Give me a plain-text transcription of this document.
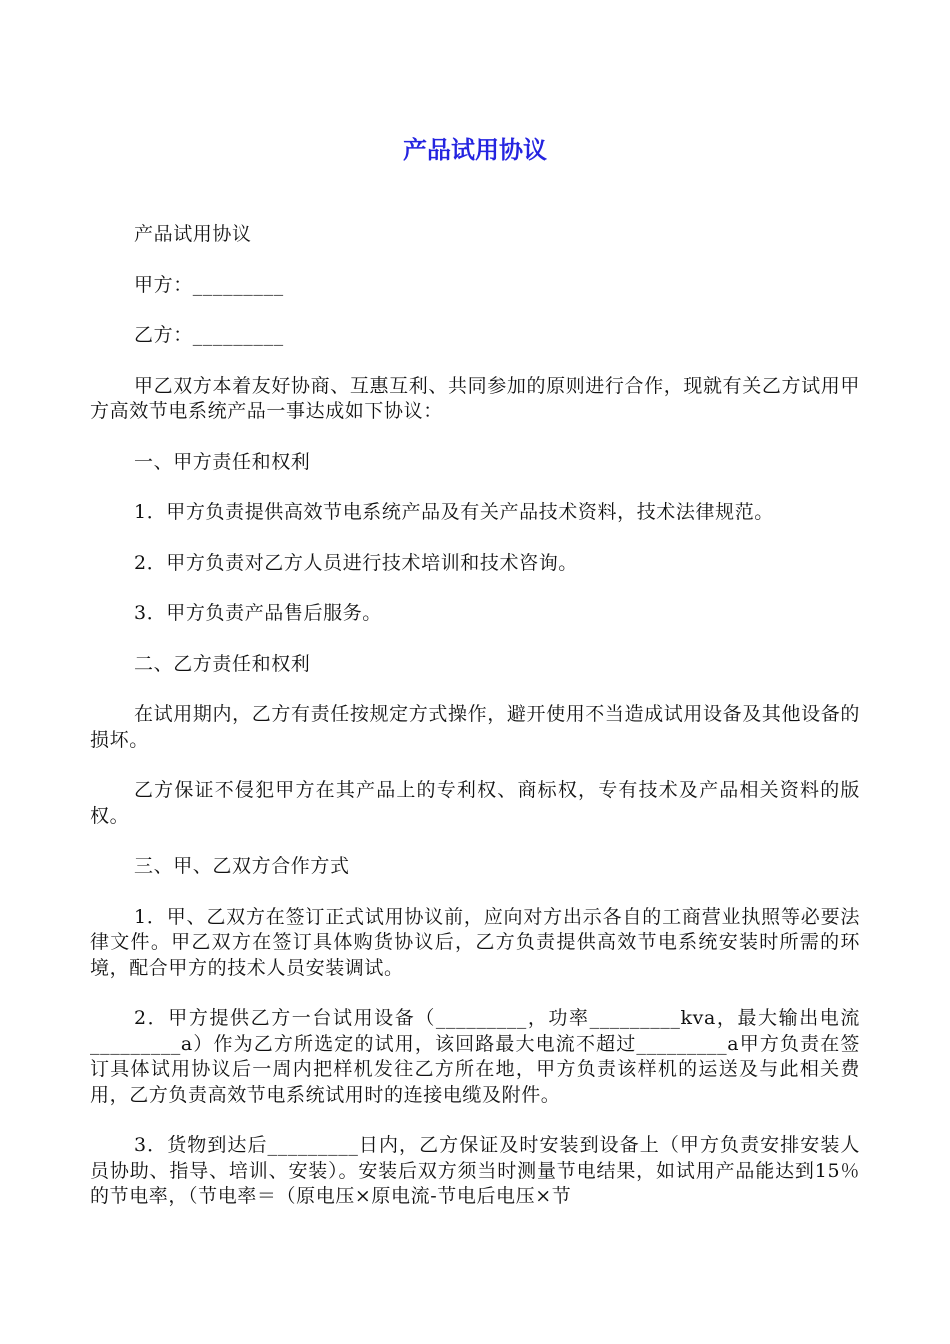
产品试用协议

产品试用协议

甲方：_________

乙方：_________

甲乙双方本着友好协商、互惠互利、共同参加的原则进行合作，现就有关乙方试用甲方高效节电系统产品一事达成如下协议：

一、甲方责任和权利

1．甲方负责提供高效节电系统产品及有关产品技术资料，技术法律规范。

2．甲方负责对乙方人员进行技术培训和技术咨询。

3．甲方负责产品售后服务。

二、乙方责任和权利

在试用期内，乙方有责任按规定方式操作，避开使用不当造成试用设备及其他设备的损坏。

乙方保证不侵犯甲方在其产品上的专利权、商标权，专有技术及产品相关资料的版权。

三、甲、乙双方合作方式

1．甲、乙双方在签订正式试用协议前，应向对方出示各自的工商营业执照等必要法律文件。甲乙双方在签订具体购货协议后，乙方负责提供高效节电系统安装时所需的环境，配合甲方的技术人员安装调试。

2．甲方提供乙方一台试用设备（_________，功率_________kva，最大输出电流_________a）作为乙方所选定的试用，该回路最大电流不超过_________a甲方负责在签订具体试用协议后一周内把样机发往乙方所在地，甲方负责该样机的运送及与此相关费用，乙方负责高效节电系统试用时的连接电缆及附件。

3．货物到达后_________日内，乙方保证及时安装到设备上（甲方负责安排安装人员协助、指导、培训、安装）。安装后双方须当时测量节电结果，如试用产品能达到15％的节电率，（节电率＝（原电压×原电流-节电后电压×节
